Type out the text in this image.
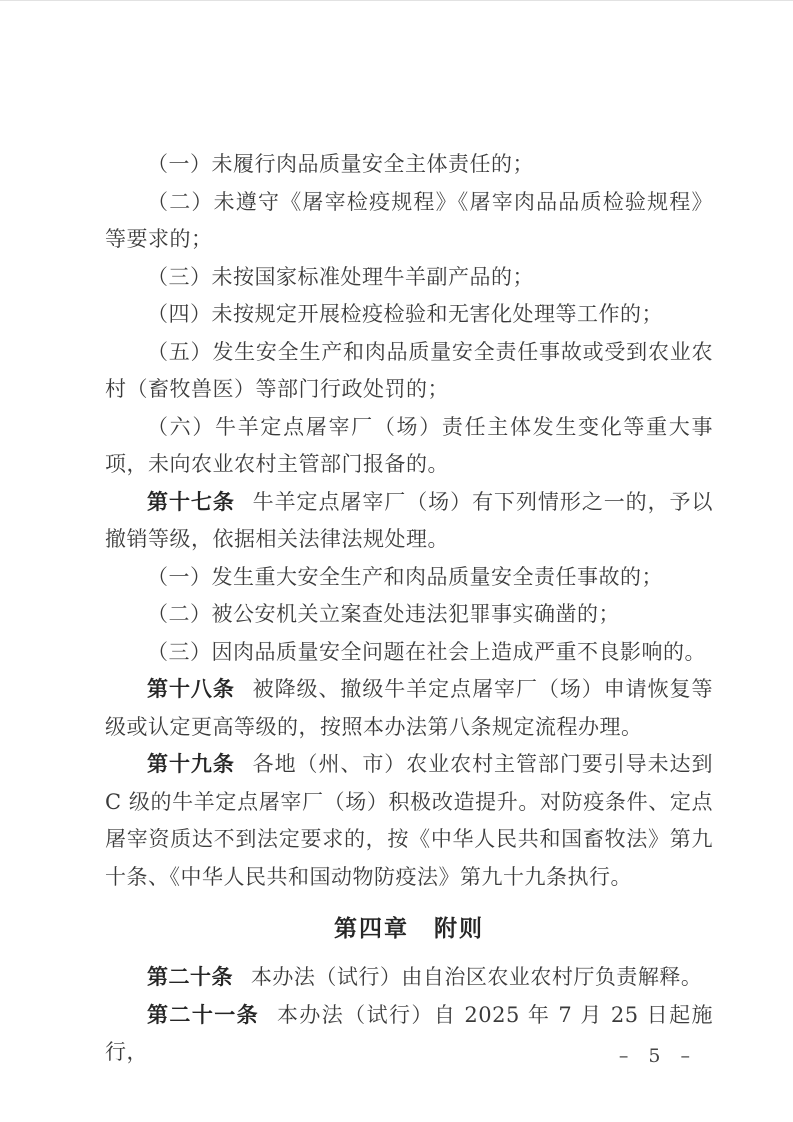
（一）未履行肉品质量安全主体责任的；

（二）未遵守《屠宰检疫规程》《屠宰肉品品质检验规程》等要求的；

（三）未按国家标准处理牛羊副产品的；

（四）未按规定开展检疫检验和无害化处理等工作的；

（五）发生安全生产和肉品质量安全责任事故或受到农业农村（畜牧兽医）等部门行政处罚的；

（六）牛羊定点屠宰厂（场）责任主体发生变化等重大事项，未向农业农村主管部门报备的。

第十七条 牛羊定点屠宰厂（场）有下列情形之一的，予以撤销等级，依据相关法律法规处理。

（一）发生重大安全生产和肉品质量安全责任事故的；

（二）被公安机关立案查处违法犯罪事实确凿的；

（三）因肉品质量安全问题在社会上造成严重不良影响的。

第十八条 被降级、撤级牛羊定点屠宰厂（场）申请恢复等级或认定更高等级的，按照本办法第八条规定流程办理。

第十九条 各地（州、市）农业农村主管部门要引导未达到 C 级的牛羊定点屠宰厂（场）积极改造提升。对防疫条件、定点屠宰资质达不到法定要求的，按《中华人民共和国畜牧法》第九十条、《中华人民共和国动物防疫法》第九十九条执行。

第四章　附则

第二十条 本办法（试行）由自治区农业农村厅负责解释。

第二十一条 本办法（试行）自 2025 年 7 月 25 日起施行，	– 5 –
